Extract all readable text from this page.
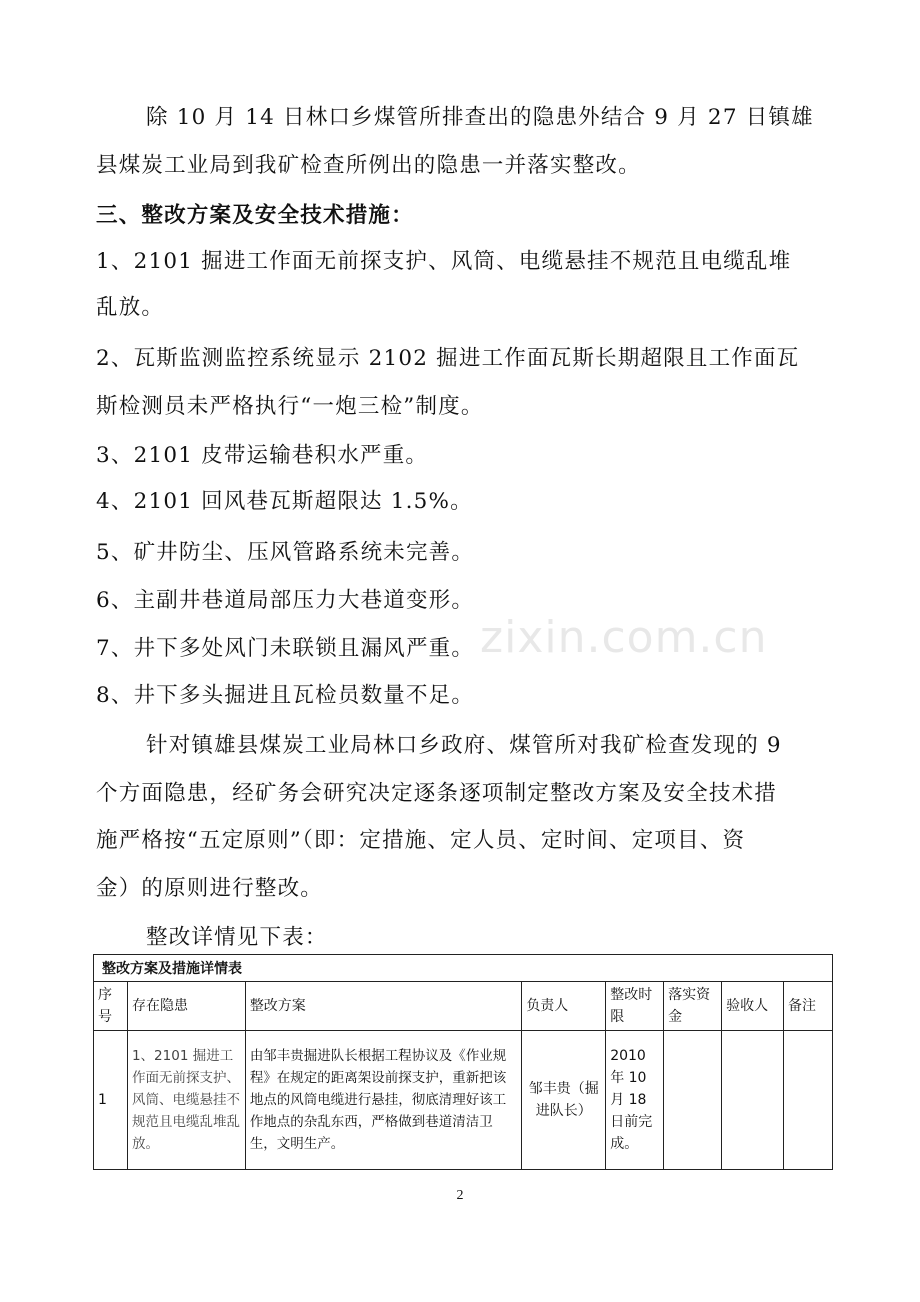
zixin.com.cn
除 10 月 14 日林口乡煤管所排查出的隐患外结合 9 月 27 日镇雄
县煤炭工业局到我矿检查所例出的隐患一并落实整改。
三、整改方案及安全技术措施：
1、2101 掘进工作面无前探支护、风筒、电缆悬挂不规范且电缆乱堆
乱放。
2、瓦斯监测监控系统显示 2102 掘进工作面瓦斯长期超限且工作面瓦
斯检测员未严格执行“一炮三检”制度。
3、2101 皮带运输巷积水严重。
4、2101 回风巷瓦斯超限达 1.5%。
5、矿井防尘、压风管路系统未完善。
6、主副井巷道局部压力大巷道变形。
7、井下多处风门未联锁且漏风严重。
8、井下多头掘进且瓦检员数量不足。
针对镇雄县煤炭工业局林口乡政府、煤管所对我矿检查发现的 9
个方面隐患，经矿务会研究决定逐条逐项制定整改方案及安全技术措
施严格按“五定原则”（即：定措施、定人员、定时间、定项目、资
金）的原则进行整改。
整改详情见下表：
整改方案及措施详情表							
序号	存在隐患	整改方案	负责人	整改时限	落实资金	验收人	备注
1	1、2101 掘进工作面无前探支护、风筒、电缆悬挂不规范且电缆乱堆乱放。	由邹丰贵掘进队长根据工程协议及《作业规程》在规定的距离架设前探支护，重新把该地点的风筒电缆进行悬挂，彻底清理好该工作地点的杂乱东西，严格做到巷道清洁卫生，文明生产。	邹丰贵（掘进队长）	2010 年 10 月 18 日前完成。			
2
